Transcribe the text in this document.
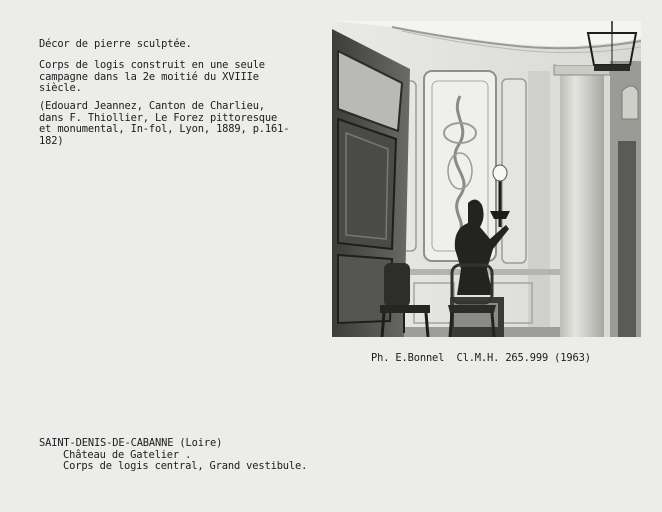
Décor de pierre sculptée.
Corps de logis construit en une seule
campagne dans la 2e moitié du XVIIIe
siècle.
(Edouard Jeannez, Canton de Charlieu,
dans F. Thiollier, Le Forez pittoresque
et monumental, In-fol, Lyon, 1889, p.161-
182)
Ph. E.Bonnel  Cl.M.H. 265.999 (1963)
SAINT-DENIS-DE-CABANNE (Loire)
Château de Gatelier .
Corps de logis central, Grand vestibule.
